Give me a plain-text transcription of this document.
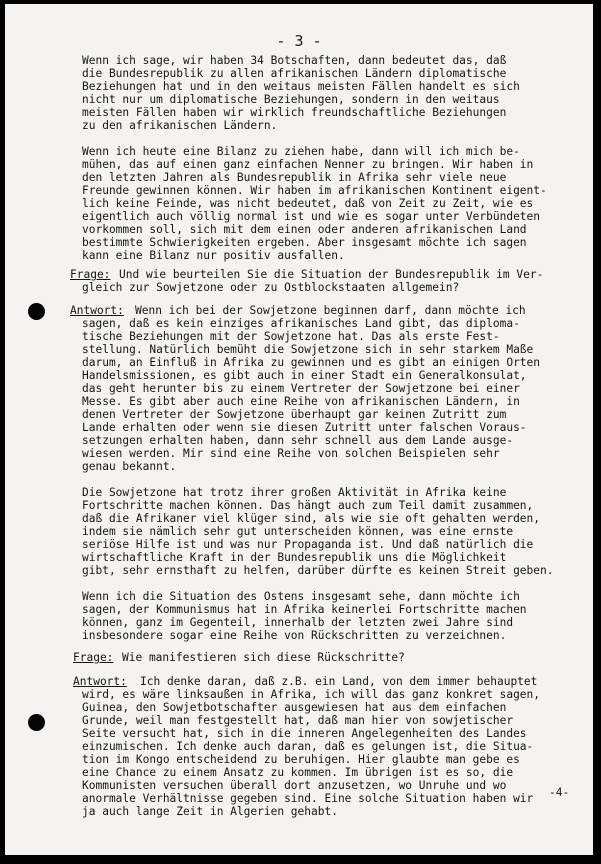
- 3 -
Wenn ich sage, wir haben 34 Botschaften, dann bedeutet das, daß
die Bundesrepublik zu allen afrikanischen Ländern diplomatische
Beziehungen hat und in den weitaus meisten Fällen handelt es sich
nicht nur um diplomatische Beziehungen, sondern in den weitaus
meisten Fällen haben wir wirklich freundschaftliche Beziehungen
zu den afrikanischen Ländern.
Wenn ich heute eine Bilanz zu ziehen habe, dann will ich mich be-
mühen, das auf einen ganz einfachen Nenner zu bringen. Wir haben in
den letzten Jahren als Bundesrepublik in Afrika sehr viele neue
Freunde gewinnen können. Wir haben im afrikanischen Kontinent eigent-
lich keine Feinde, was nicht bedeutet, daß von Zeit zu Zeit, wie es
eigentlich auch völlig normal ist und wie es sogar unter Verbündeten
vorkommen soll, sich mit dem einen oder anderen afrikanischen Land
bestimmte Schwierigkeiten ergeben. Aber insgesamt möchte ich sagen
kann eine Bilanz nur positiv ausfallen.
Frage: Und wie beurteilen Sie die Situation der Bundesrepublik im Ver-
gleich zur Sowjetzone oder zu Ostblockstaaten allgemein?
Antwort: Wenn ich bei der Sowjetzone beginnen darf, dann möchte ich
sagen, daß es kein einziges afrikanisches Land gibt, das diploma-
tische Beziehungen mit der Sowjetzone hat. Das als erste Fest-
stellung. Natürlich bemüht die Sowjetzone sich in sehr starkem Maße
darum, an Einfluß in Afrika zu gewinnen und es gibt an einigen Orten
Handelsmissionen, es gibt auch in einer Stadt ein Generalkonsulat,
das geht herunter bis zu einem Vertreter der Sowjetzone bei einer
Messe. Es gibt aber auch eine Reihe von afrikanischen Ländern, in
denen Vertreter der Sowjetzone überhaupt gar keinen Zutritt zum
Lande erhalten oder wenn sie diesen Zutritt unter falschen Voraus-
setzungen erhalten haben, dann sehr schnell aus dem Lande ausge-
wiesen werden. Mir sind eine Reihe von solchen Beispielen sehr
genau bekannt.
Die Sowjetzone hat trotz ihrer großen Aktivität in Afrika keine
Fortschritte machen können. Das hängt auch zum Teil damit zusammen,
daß die Afrikaner viel klüger sind, als wie sie oft gehalten werden,
indem sie nämlich sehr gut unterscheiden können, was eine ernste
seriöse Hilfe ist und was nur Propaganda ist. Und daß natürlich die
wirtschaftliche Kraft in der Bundesrepublik uns die Möglichkeit
gibt, sehr ernsthaft zu helfen, darüber dürfte es keinen Streit geben.
Wenn ich die Situation des Ostens insgesamt sehe, dann möchte ich
sagen, der Kommunismus hat in Afrika keinerlei Fortschritte machen
können, ganz im Gegenteil, innerhalb der letzten zwei Jahre sind
insbesondere sogar eine Reihe von Rückschritten zu verzeichnen.
Frage: Wie manifestieren sich diese Rückschritte?
Antwort: Ich denke daran, daß z.B. ein Land, von dem immer behauptet
wird, es wäre linksaußen in Afrika, ich will das ganz konkret sagen,
Guinea, den Sowjetbotschafter ausgewiesen hat aus dem einfachen
Grunde, weil man festgestellt hat, daß man hier von sowjetischer
Seite versucht hat, sich in die inneren Angelegenheiten des Landes
einzumischen. Ich denke auch daran, daß es gelungen ist, die Situa-
tion im Kongo entscheidend zu beruhigen. Hier glaubte man gebe es
eine Chance zu einem Ansatz zu kommen. Im übrigen ist es so, die
Kommunisten versuchen überall dort anzusetzen, wo Unruhe und wo
anormale Verhältnisse gegeben sind. Eine solche Situation haben wir
ja auch lange Zeit in Algerien gehabt.
-4-
